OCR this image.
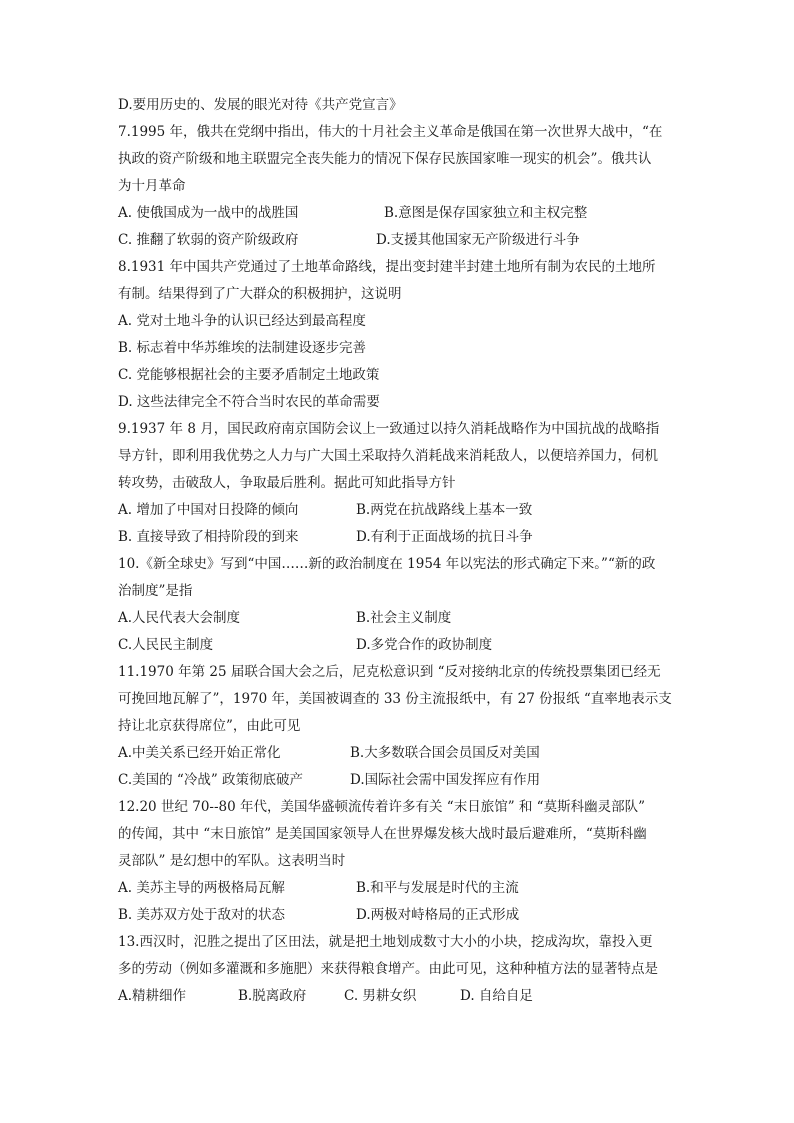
D.要用历史的、发展的眼光对待《共产党宣言》
7.1995 年，俄共在党纲中指出，伟大的十月社会主义革命是俄国在第一次世界大战中，“在
执政的资产阶级和地主联盟完全丧失能力的情况下保存民族国家唯一现实的机会”。俄共认
为十月革命
A. 使俄国成为一战中的战胜国	B.意图是保存国家独立和主权完整
C. 推翻了软弱的资产阶级政府	D.支援其他国家无产阶级进行斗争
8.1931 年中国共产党通过了土地革命路线，提出变封建半封建土地所有制为农民的土地所
有制。结果得到了广大群众的积极拥护，这说明
A. 党对土地斗争的认识已经达到最高程度
B. 标志着中华苏维埃的法制建设逐步完善
C. 党能够根据社会的主要矛盾制定土地政策
D. 这些法律完全不符合当时农民的革命需要
9.1937 年 8 月，国民政府南京国防会议上一致通过以持久消耗战略作为中国抗战的战略指
导方针，即利用我优势之人力与广大国土采取持久消耗战来消耗敌人，以便培养国力，伺机
转攻势，击破敌人，争取最后胜利。据此可知此指导方针
A. 增加了中国对日投降的倾向	B.两党在抗战路线上基本一致
B. 直接导致了相持阶段的到来	D.有利于正面战场的抗日斗争
10.《新全球史》写到“中国……新的政治制度在 1954 年以宪法的形式确定下来。”“新的政
治制度”是指
A.人民代表大会制度	B.社会主义制度
C.人民民主制度	D.多党合作的政协制度
11.1970 年第 25 届联合国大会之后，尼克松意识到 “反对接纳北京的传统投票集团已经无
可挽回地瓦解了”，1970 年，美国被调查的 33 份主流报纸中，有 27 份报纸 “直率地表示支
持让北京获得席位”，由此可见
A.中美关系已经开始正常化	B.大多数联合国会员国反对美国
C.美国的 “冷战” 政策彻底破产	D.国际社会需中国发挥应有作用
12.20 世纪 70--80 年代，美国华盛顿流传着许多有关 “末日旅馆” 和 “莫斯科幽灵部队”
的传闻，其中 “末日旅馆” 是美国国家领导人在世界爆发核大战时最后避难所，“莫斯科幽
灵部队” 是幻想中的军队。这表明当时
A. 美苏主导的两极格局瓦解	B.和平与发展是时代的主流
B. 美苏双方处于敌对的状态	D.两极对峙格局的正式形成
13.西汉时，氾胜之提出了区田法，就是把土地划成数寸大小的小块，挖成沟坎，靠投入更
多的劳动（例如多灌溉和多施肥）来获得粮食增产。由此可见，这种种植方法的显著特点是
A.精耕细作	B.脱离政府	C. 男耕女织	D. 自给自足
